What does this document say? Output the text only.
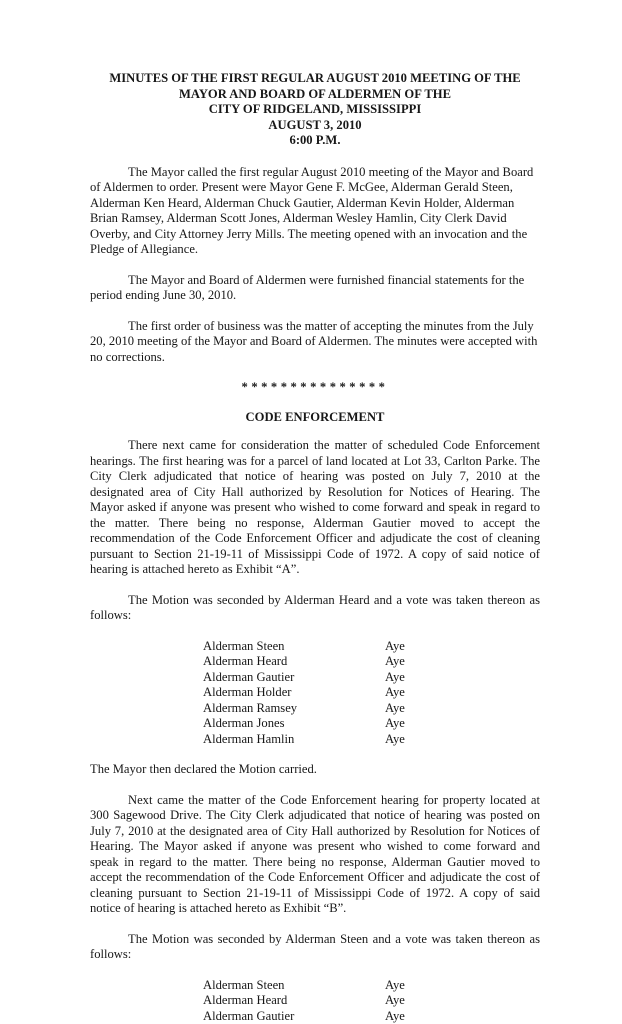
MINUTES OF THE FIRST REGULAR AUGUST 2010 MEETING OF THE
MAYOR AND BOARD OF ALDERMEN OF THE
CITY OF RIDGELAND, MISSISSIPPI
AUGUST 3, 2010
6:00 P.M.

The Mayor called the first regular August 2010 meeting of the Mayor and Board of Aldermen to order. Present were Mayor Gene F. McGee, Alderman Gerald Steen, Alderman Ken Heard, Alderman Chuck Gautier, Alderman Kevin Holder, Alderman Brian Ramsey, Alderman Scott Jones, Alderman Wesley Hamlin, City Clerk David Overby, and City Attorney Jerry Mills. The meeting opened with an invocation and the Pledge of Allegiance.

The Mayor and Board of Aldermen were furnished financial statements for the period ending June 30, 2010.

The first order of business was the matter of accepting the minutes from the July 20, 2010 meeting of the Mayor and Board of Aldermen. The minutes were accepted with no corrections.

***************
CODE ENFORCEMENT

There next came for consideration the matter of scheduled Code Enforcement hearings. The first hearing was for a parcel of land located at Lot 33, Carlton Parke. The City Clerk adjudicated that notice of hearing was posted on July 7, 2010 at the designated area of City Hall authorized by Resolution for Notices of Hearing. The Mayor asked if anyone was present who wished to come forward and speak in regard to the matter. There being no response, Alderman Gautier moved to accept the recommendation of the Code Enforcement Officer and adjudicate the cost of cleaning pursuant to Section 21-19-11 of Mississippi Code of 1972. A copy of said notice of hearing is attached hereto as Exhibit “A”.

The Motion was seconded by Alderman Heard and a vote was taken thereon as follows:

Alderman Steen	Aye
Alderman Heard	Aye
Alderman Gautier	Aye
Alderman Holder	Aye
Alderman Ramsey	Aye
Alderman Jones	Aye
Alderman Hamlin	Aye
The Mayor then declared the Motion carried.

Next came the matter of the Code Enforcement hearing for property located at 300 Sagewood Drive. The City Clerk adjudicated that notice of hearing was posted on July 7, 2010 at the designated area of City Hall authorized by Resolution for Notices of Hearing. The Mayor asked if anyone was present who wished to come forward and speak in regard to the matter. There being no response, Alderman Gautier moved to accept the recommendation of the Code Enforcement Officer and adjudicate the cost of cleaning pursuant to Section 21-19-11 of Mississippi Code of 1972. A copy of said notice of hearing is attached hereto as Exhibit “B”.

The Motion was seconded by Alderman Steen and a vote was taken thereon as follows:

Alderman Steen	Aye
Alderman Heard	Aye
Alderman Gautier	Aye
